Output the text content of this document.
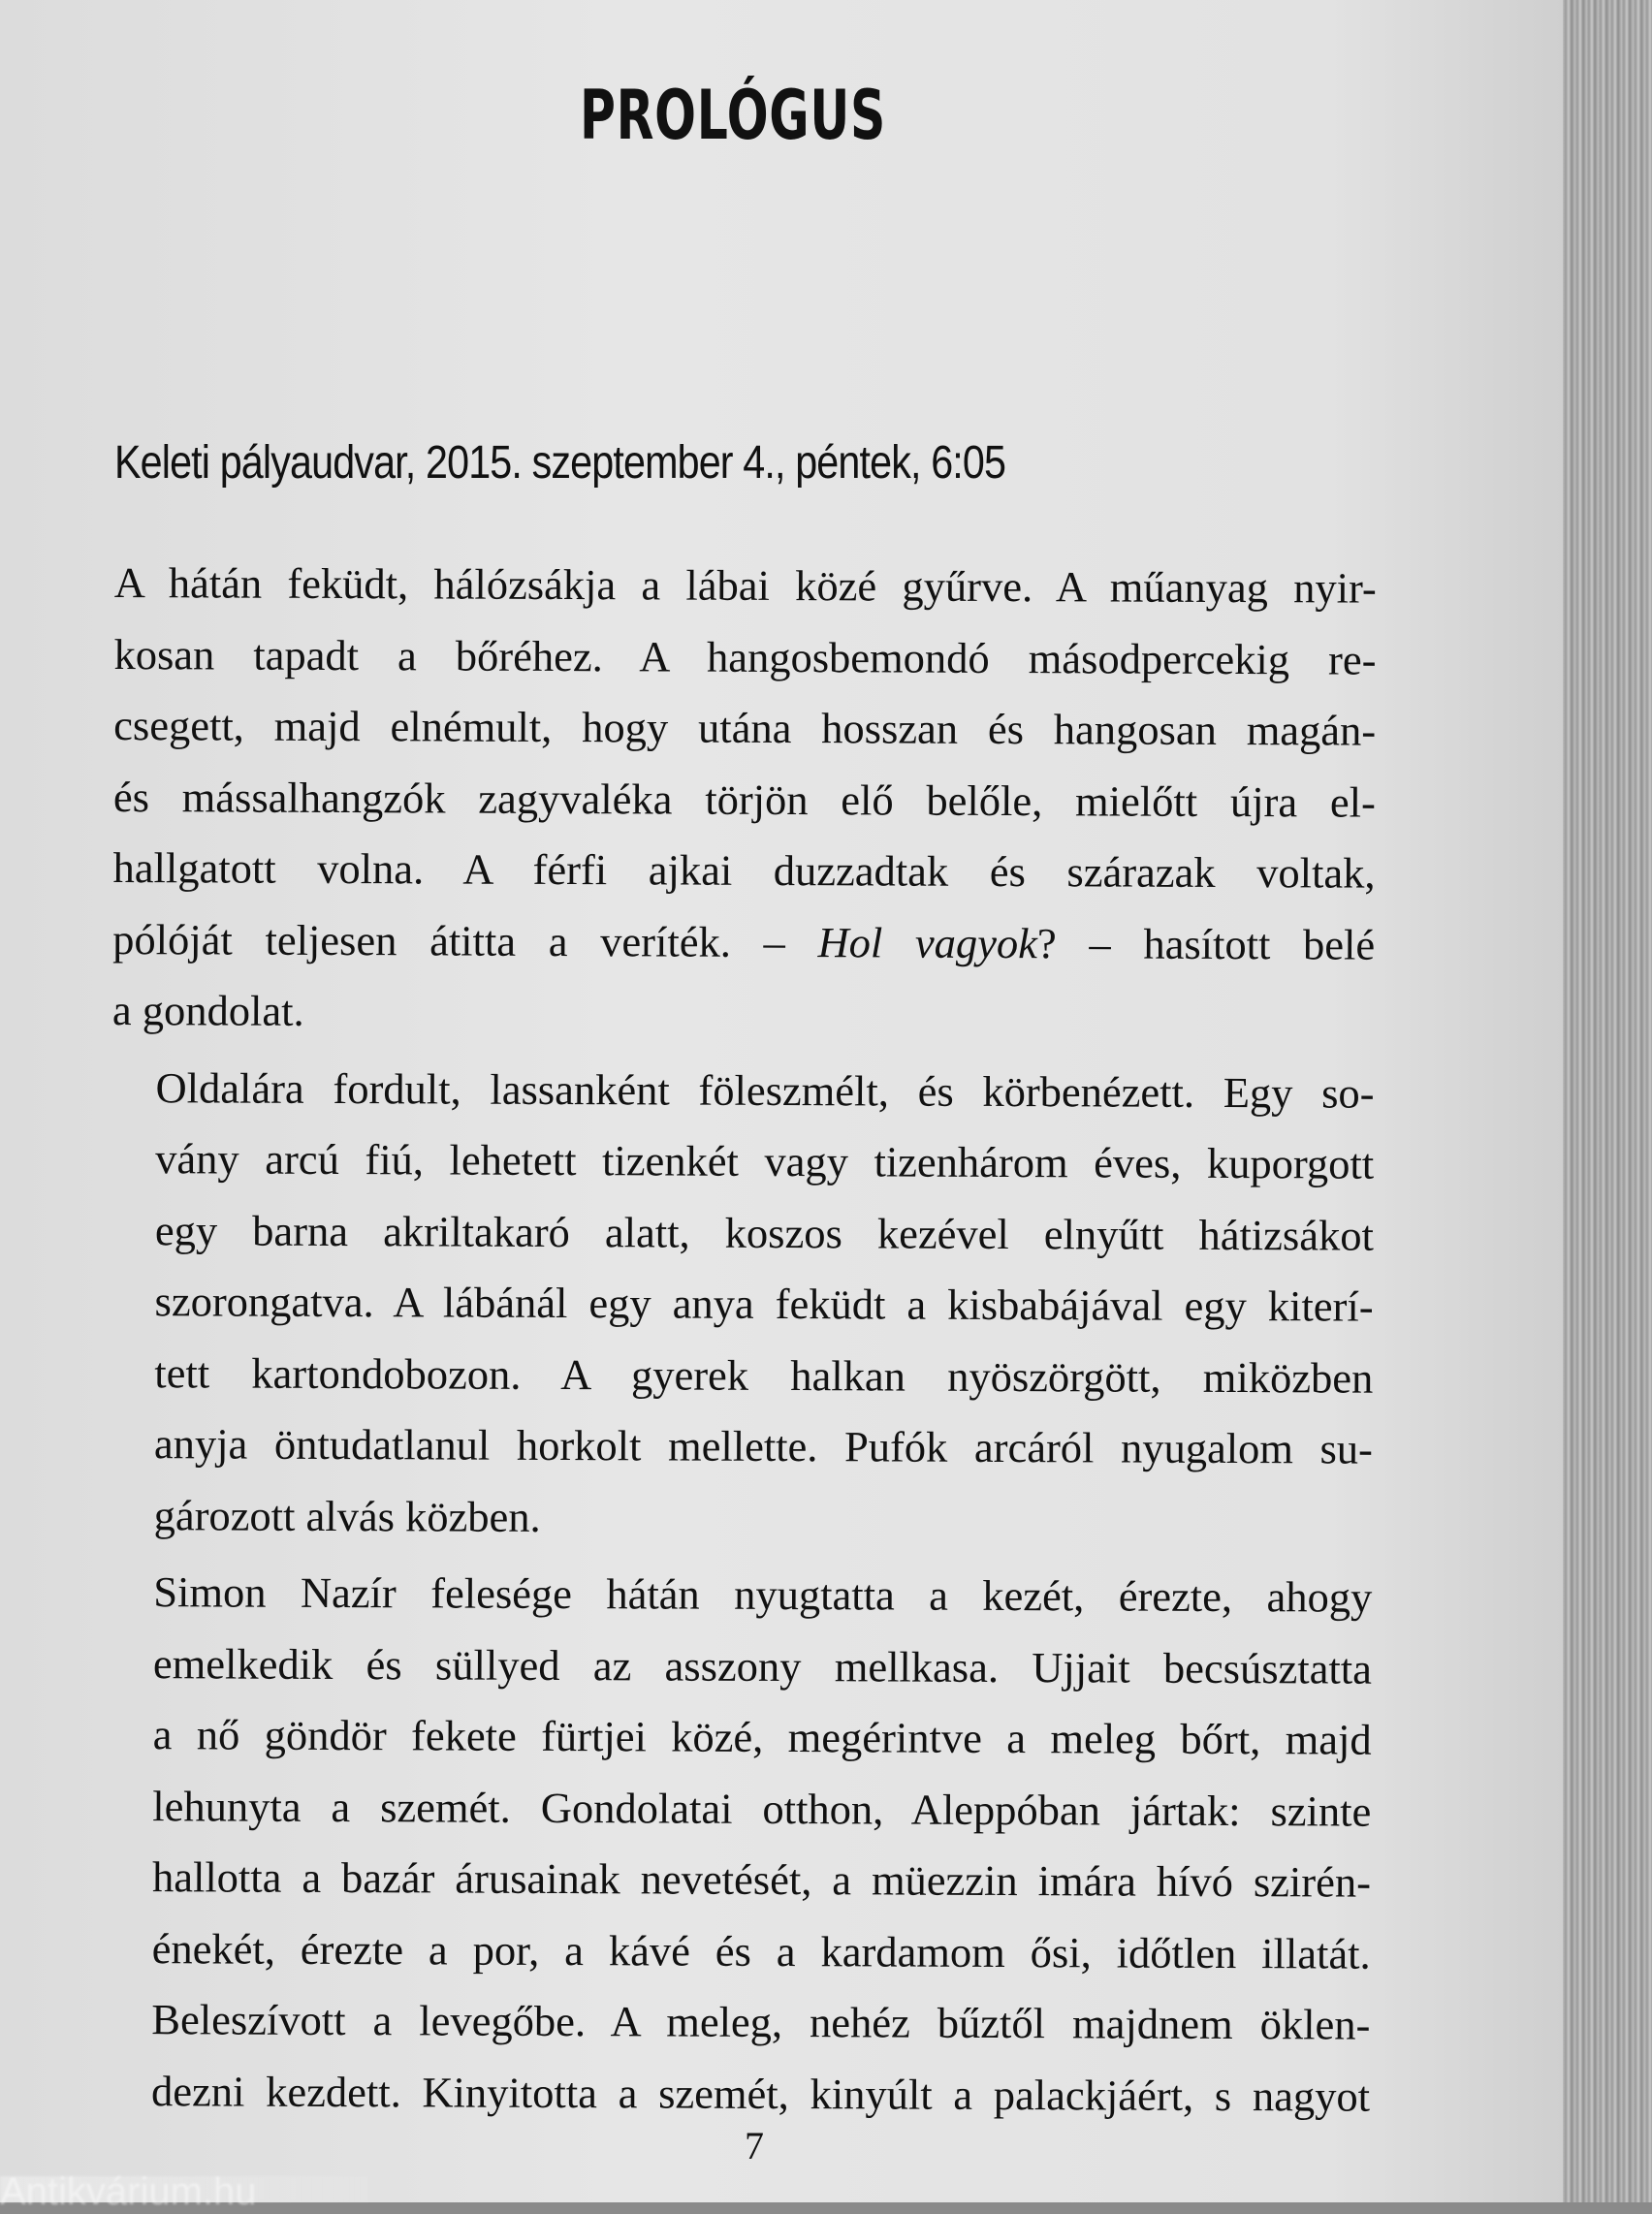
PROLÓGUS
Keleti pályaudvar, 2015. szeptember 4., péntek, 6:05

A hátán feküdt, hálózsákja a lábai közé gyűrve. A műanyag nyir-
kosan tapadt a bőréhez. A hangosbemondó másodpercekig re-
csegett, majd elnémult, hogy utána hosszan és hangosan magán-
és mássalhangzók zagyvaléka törjön elő belőle, mielőtt újra el-
hallgatott volna. A férfi ajkai duzzadtak és szárazak voltak,
pólóját teljesen átitta a veríték. – Hol vagyok? – hasított belé
a gondolat.

Oldalára fordult, lassanként föleszmélt, és körbenézett. Egy so-
vány arcú fiú, lehetett tizenkét vagy tizenhárom éves, kuporgott
egy barna akriltakaró alatt, koszos kezével elnyűtt hátizsákot
szorongatva. A lábánál egy anya feküdt a kisbabájával egy kiterí-
tett kartondobozon. A gyerek halkan nyöszörgött, miközben
anyja öntudatlanul horkolt mellette. Pufók arcáról nyugalom su-
gározott alvás közben.

Simon Nazír felesége hátán nyugtatta a kezét, érezte, ahogy
emelkedik és süllyed az asszony mellkasa. Ujjait becsúsztatta
a nő göndör fekete fürtjei közé, megérintve a meleg bőrt, majd
lehunyta a szemét. Gondolatai otthon, Aleppóban jártak: szinte
hallotta a bazár árusainak nevetését, a müezzin imára hívó szirén-
énekét, érezte a por, a kávé és a kardamom ősi, időtlen illatát.
Beleszívott a levegőbe. A meleg, nehéz bűztől majdnem öklen-
dezni kezdett. Kinyitotta a szemét, kinyúlt a palackjáért, s nagyot

7
Antikvárium.hu
